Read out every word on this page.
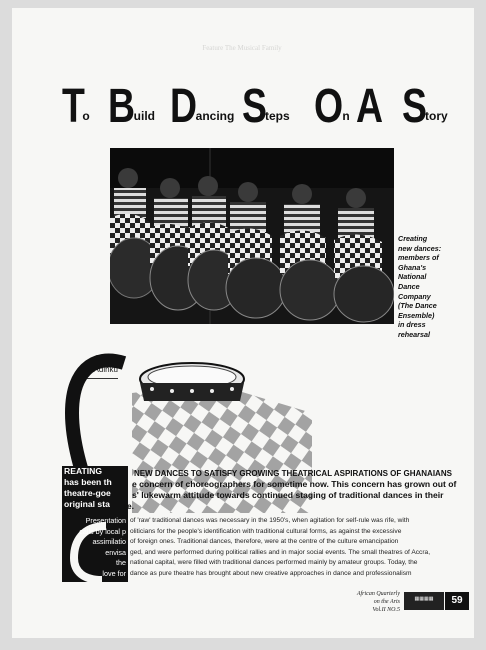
Feature The Musical Family
To Build Dancing Steps On A Story
Creating
new dances:
members of
Ghana's
National
Dance
Company
(The Dance
Ensemble)
in dress
rehearsal
Ofotsu
Adinku
REATING
has been th
theatre-goe
original sta
NEW DANCES TO SATISFY GROWING THEATRICAL ASPIRATIONS OF GHANAIANS
e concern of choreographers for sometime now. This concern has grown out of
s' lukewarm attitude towards continued staging of traditional dances in their
te.
Presentation
calls by local p
assimilatio
envisa
the
love for
of 'raw' traditional dances was necessary in the 1950's, when agitation for self-rule was rife, with
oliticians for the people's identification with traditional cultural forms, as against the excessive
of foreign ones. Traditional dances, therefore, were at the centre of the culture emancipation
ged, and were performed during political rallies and in major social events. The small theatres of Accra,
national capital, were filled with traditional dances performed mainly by amateur groups. Today, the
dance as pure theatre has brought about new creative approaches in dance and professionalism
African Quarterly
on the Arts
Vol.II NO.5
▦▦▦▦	59
